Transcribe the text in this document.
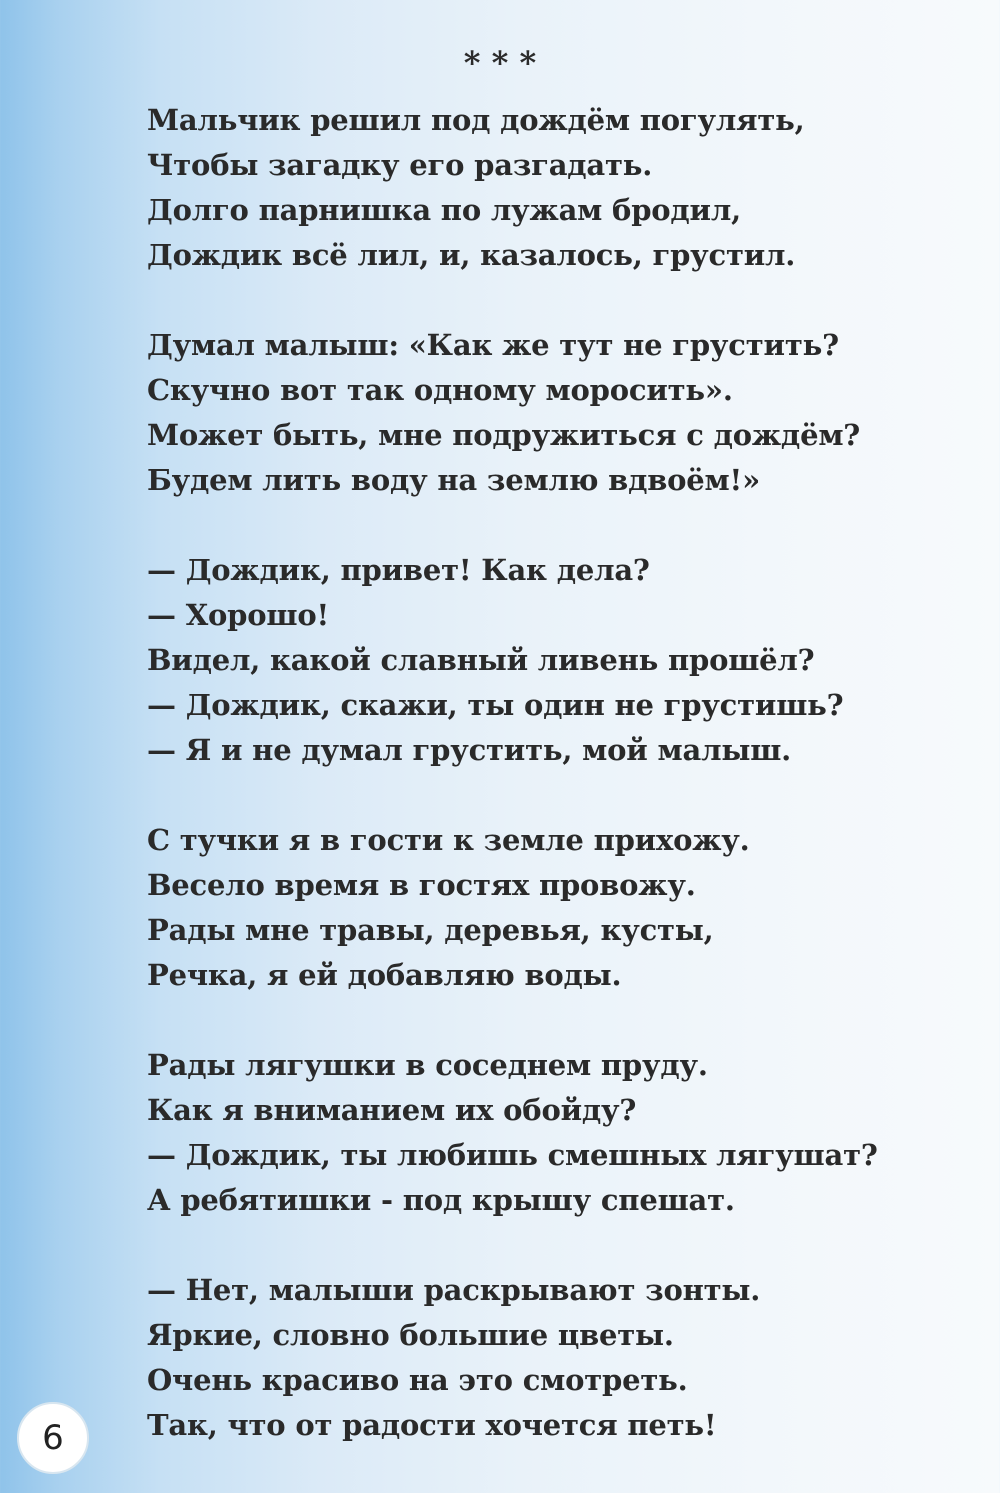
* * *
Мальчик решил под дождём погулять,
Чтобы загадку его разгадать.
Долго парнишка по лужам бродил,
Дождик всё лил, и, казалось, грустил.
Думал малыш: «Как же тут не грустить?
Скучно вот так одному моросить».
Может быть, мне подружиться с дождём?
Будем лить воду на землю вдвоём!»
— Дождик, привет! Как дела?
— Хорошо!
Видел, какой славный ливень прошёл?
— Дождик, скажи, ты один не грустишь?
— Я и не думал грустить, мой малыш.
С тучки я в гости к земле прихожу.
Весело время в гостях провожу.
Рады мне травы, деревья, кусты,
Речка, я ей добавляю воды.
Рады лягушки в соседнем пруду.
Как я вниманием их обойду?
— Дождик, ты любишь смешных лягушат?
А ребятишки - под крышу спешат.
— Нет, малыши раскрывают зонты.
Яркие, словно большие цветы.
Очень красиво на это смотреть.
Так, что от радости хочется петь!
6
